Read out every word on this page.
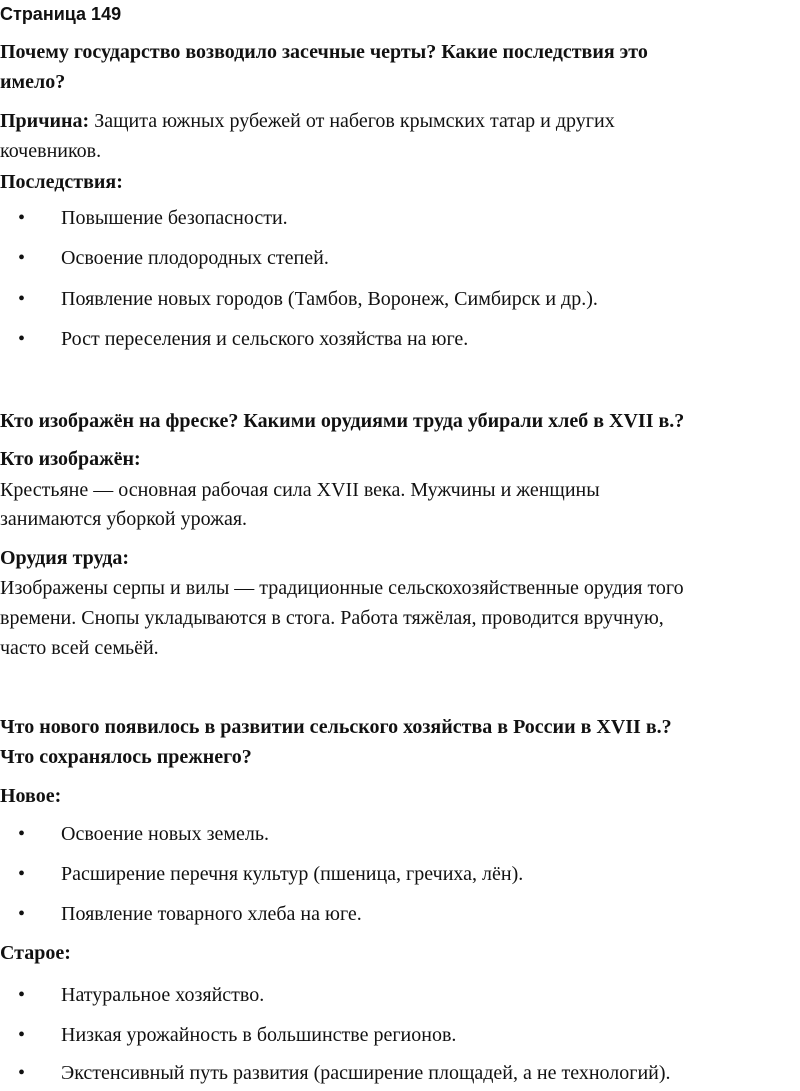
Страница 149

Почему государство возводило засечные черты? Какие последствия это

имело?

Причина: Защита южных рубежей от набегов крымских татар и других

кочевников.

Последствия:

• Повышение безопасности.
• Освоение плодородных степей.
• Появление новых городов (Тамбов, Воронеж, Симбирск и др.).
• Рост переселения и сельского хозяйства на юге.

Кто изображён на фреске? Какими орудиями труда убирали хлеб в XVII в.?

Кто изображён:

Крестьяне — основная рабочая сила XVII века. Мужчины и женщины

занимаются уборкой урожая.

Орудия труда:

Изображены серпы и вилы — традиционные сельскохозяйственные орудия того

времени. Снопы укладываются в стога. Работа тяжёлая, проводится вручную,

часто всей семьёй.

Что нового появилось в развитии сельского хозяйства в России в XVII в.?

Что сохранялось прежнего?

Новое:

• Освоение новых земель.
• Расширение перечня культур (пшеница, гречиха, лён).
• Появление товарного хлеба на юге.

Старое:

• Натуральное хозяйство.
• Низкая урожайность в большинстве регионов.
• Экстенсивный путь развития (расширение площадей, а не технологий).
